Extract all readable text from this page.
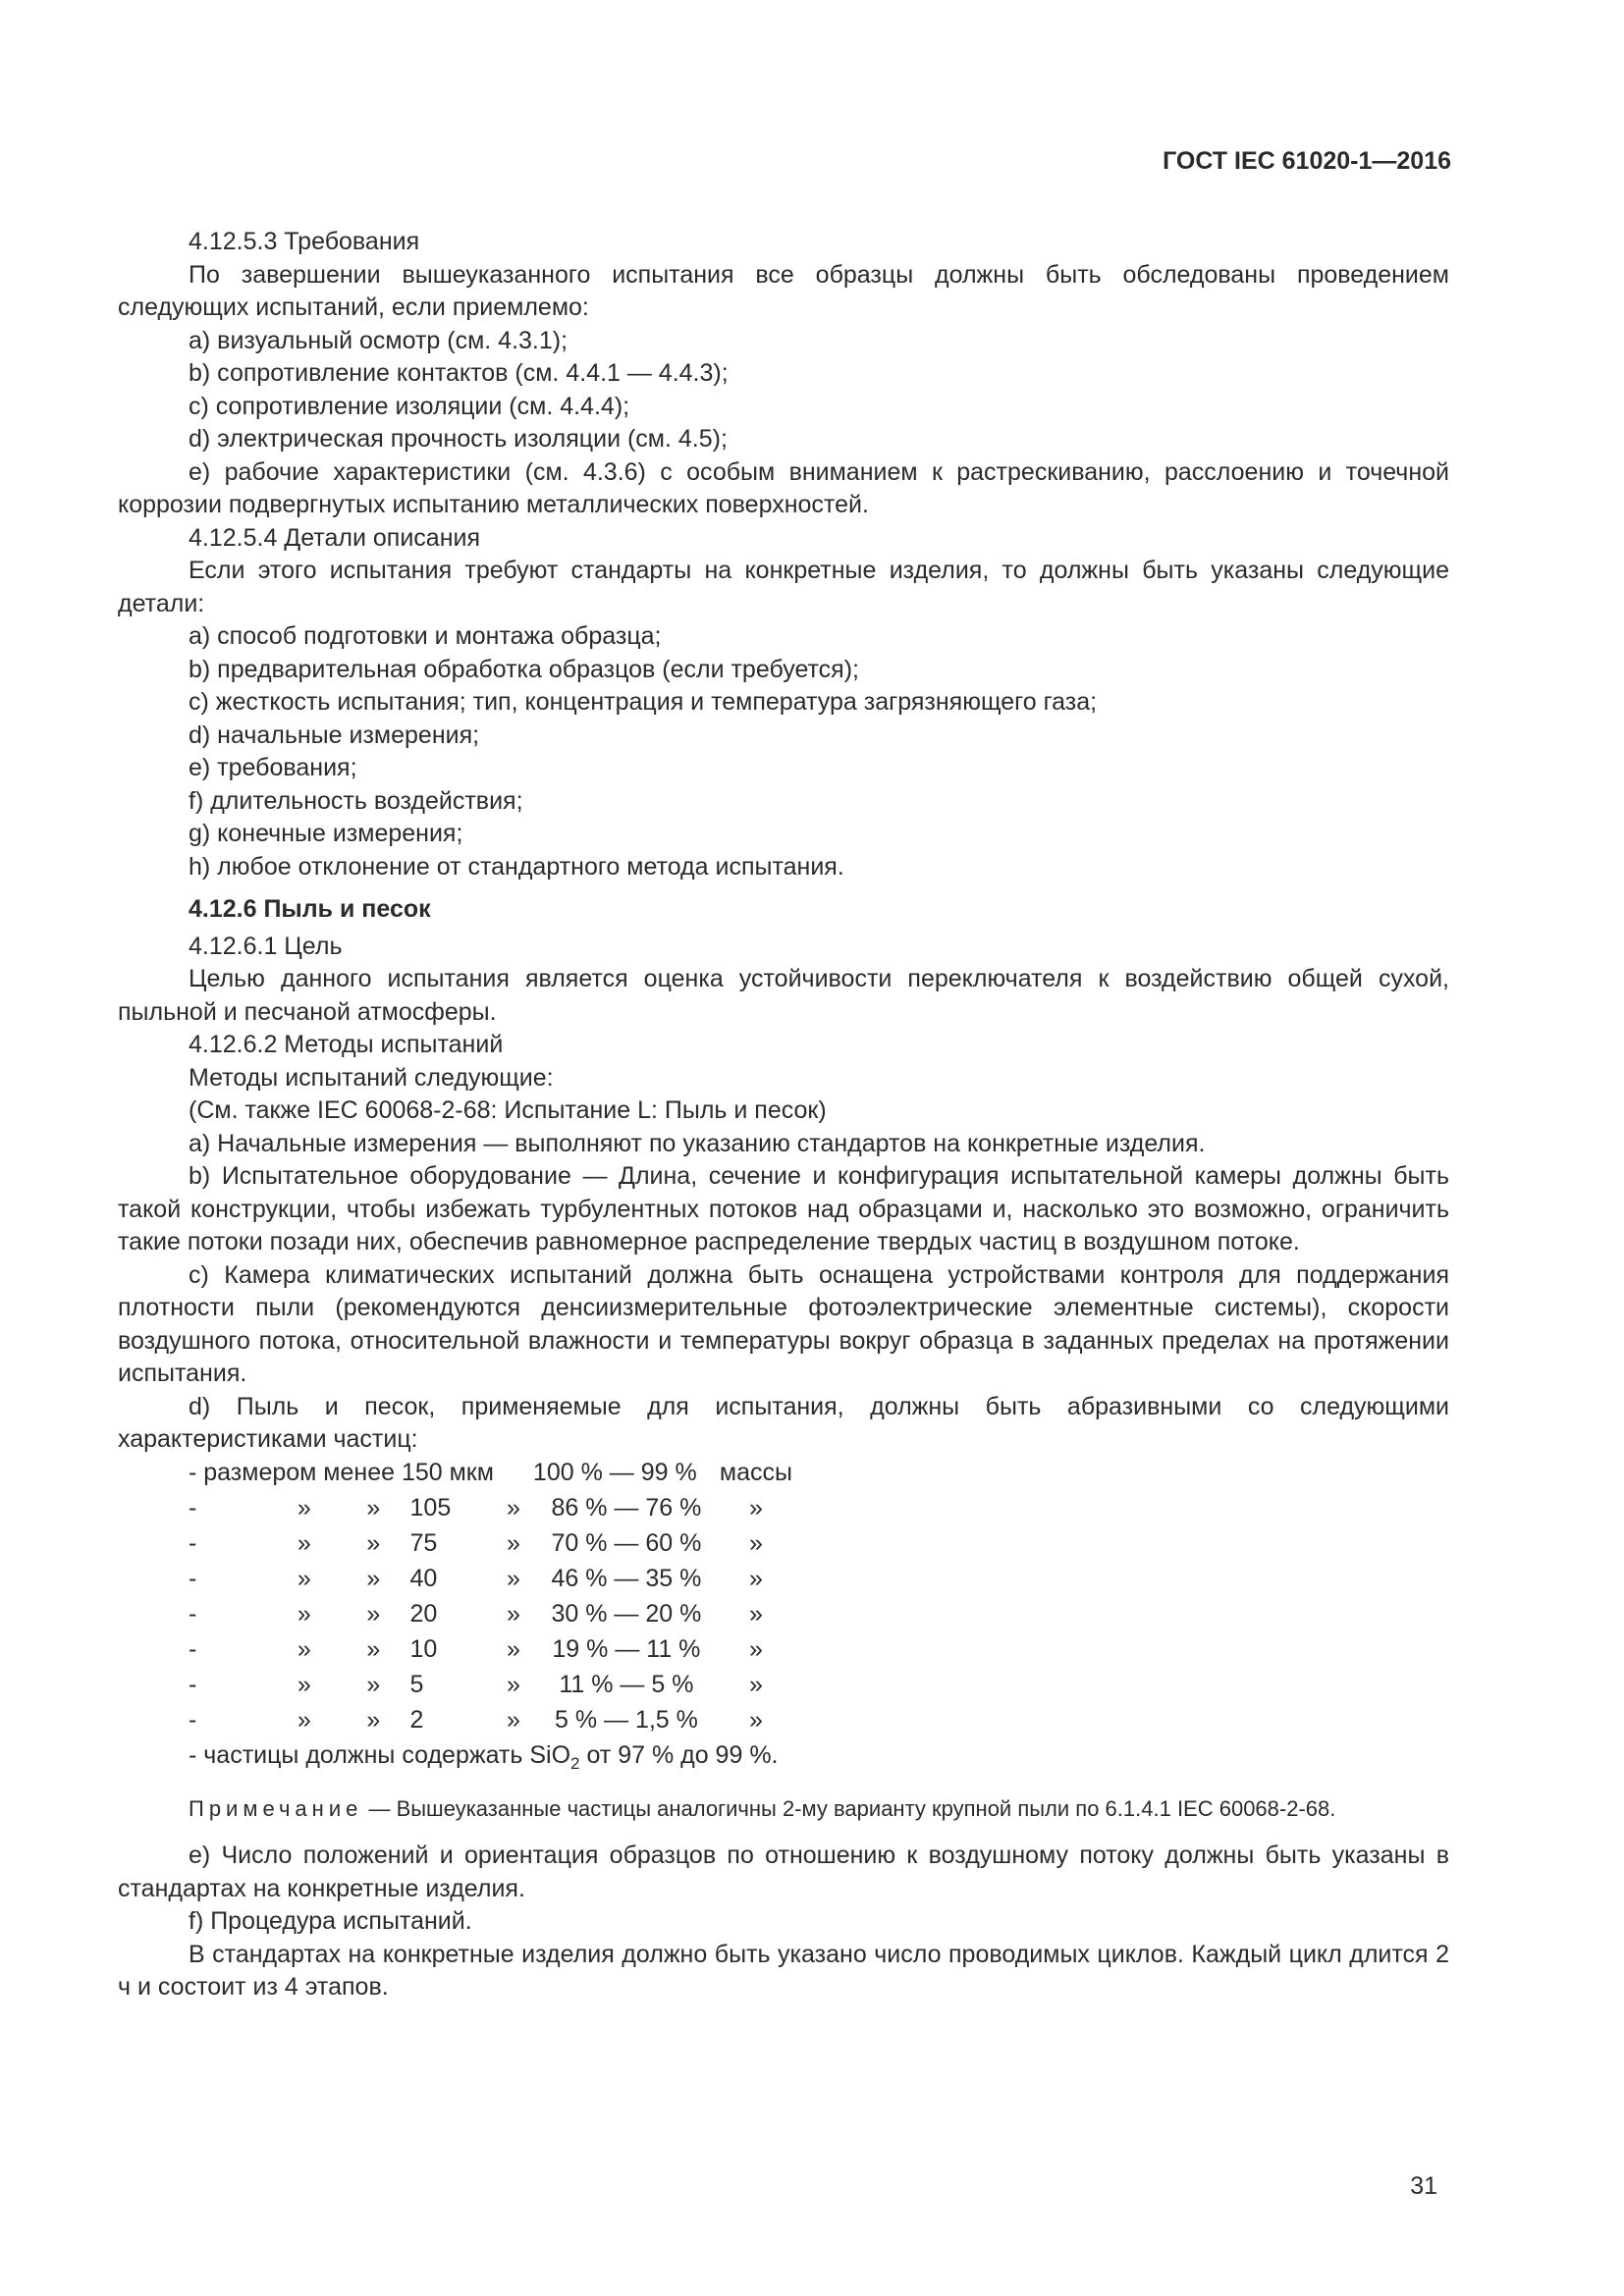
ГОСТ IEC 61020-1—2016

4.12.5.3 Требования

По завершении вышеуказанного испытания все образцы должны быть обследованы проведением следующих испытаний, если приемлемо:

a) визуальный осмотр (см. 4.3.1);

b) сопротивление контактов (см. 4.4.1 — 4.4.3);

c) сопротивление изоляции (см. 4.4.4);

d) электрическая прочность изоляции (см. 4.5);

e) рабочие характеристики (см. 4.3.6) с особым вниманием к растрескиванию, расслоению и точечной коррозии подвергнутых испытанию металлических поверхностей.

4.12.5.4 Детали описания

Если этого испытания требуют стандарты на конкретные изделия, то должны быть указаны следующие детали:

a) способ подготовки и монтажа образца;

b) предварительная обработка образцов (если требуется);

c) жесткость испытания; тип, концентрация и температура загрязняющего газа;

d) начальные измерения;

e) требования;

f) длительность воздействия;

g) конечные измерения;

h) любое отклонение от стандартного метода испытания.

4.12.6 Пыль и песок

4.12.6.1 Цель

Целью данного испытания является оценка устойчивости переключателя к воздействию общей сухой, пыльной и песчаной атмосферы.

4.12.6.2 Методы испытаний

Методы испытаний следующие:

(См. также IEC 60068-2-68: Испытание L: Пыль и песок)

a) Начальные измерения — выполняют по указанию стандартов на конкретные изделия.

b) Испытательное оборудование — Длина, сечение и конфигурация испытательной камеры должны быть такой конструкции, чтобы избежать турбулентных потоков над образцами и, насколько это возможно, ограничить такие потоки позади них, обеспечив равномерное распределение твердых частиц в воздушном потоке.

c) Камера климатических испытаний должна быть оснащена устройствами контроля для поддержания плотности пыли (рекомендуются денсиизмерительные фотоэлектрические элементные системы), скорости воздушного потока, относительной влажности и температуры вокруг образца в заданных пределах на протяжении испытания.

d) Пыль и песок, применяемые для испытания, должны быть абразивными со следующими характеристиками частиц:

- размером менее 150 мкм					100 % — 99 %	массы
-	»	»	105	»	86 % — 76 %	»
-	»	»	75	»	70 % — 60 %	»
-	»	»	40	»	46 % — 35 %	»
-	»	»	20	»	30 % — 20 %	»
-	»	»	10	»	19 % — 11 %	»
-	»	»	5	»	11 % — 5 %	»
-	»	»	2	»	5 % — 1,5 %	»

- частицы должны содержать SiO$_2$ от 97 % до 99 %.

Примечание — Вышеуказанные частицы аналогичны 2-му варианту крупной пыли по 6.1.4.1 IEC 60068-2-68.

e) Число положений и ориентация образцов по отношению к воздушному потоку должны быть указаны в стандартах на конкретные изделия.

f) Процедура испытаний.

В стандартах на конкретные изделия должно быть указано число проводимых циклов. Каждый цикл длится 2 ч и состоит из 4 этапов.

31
